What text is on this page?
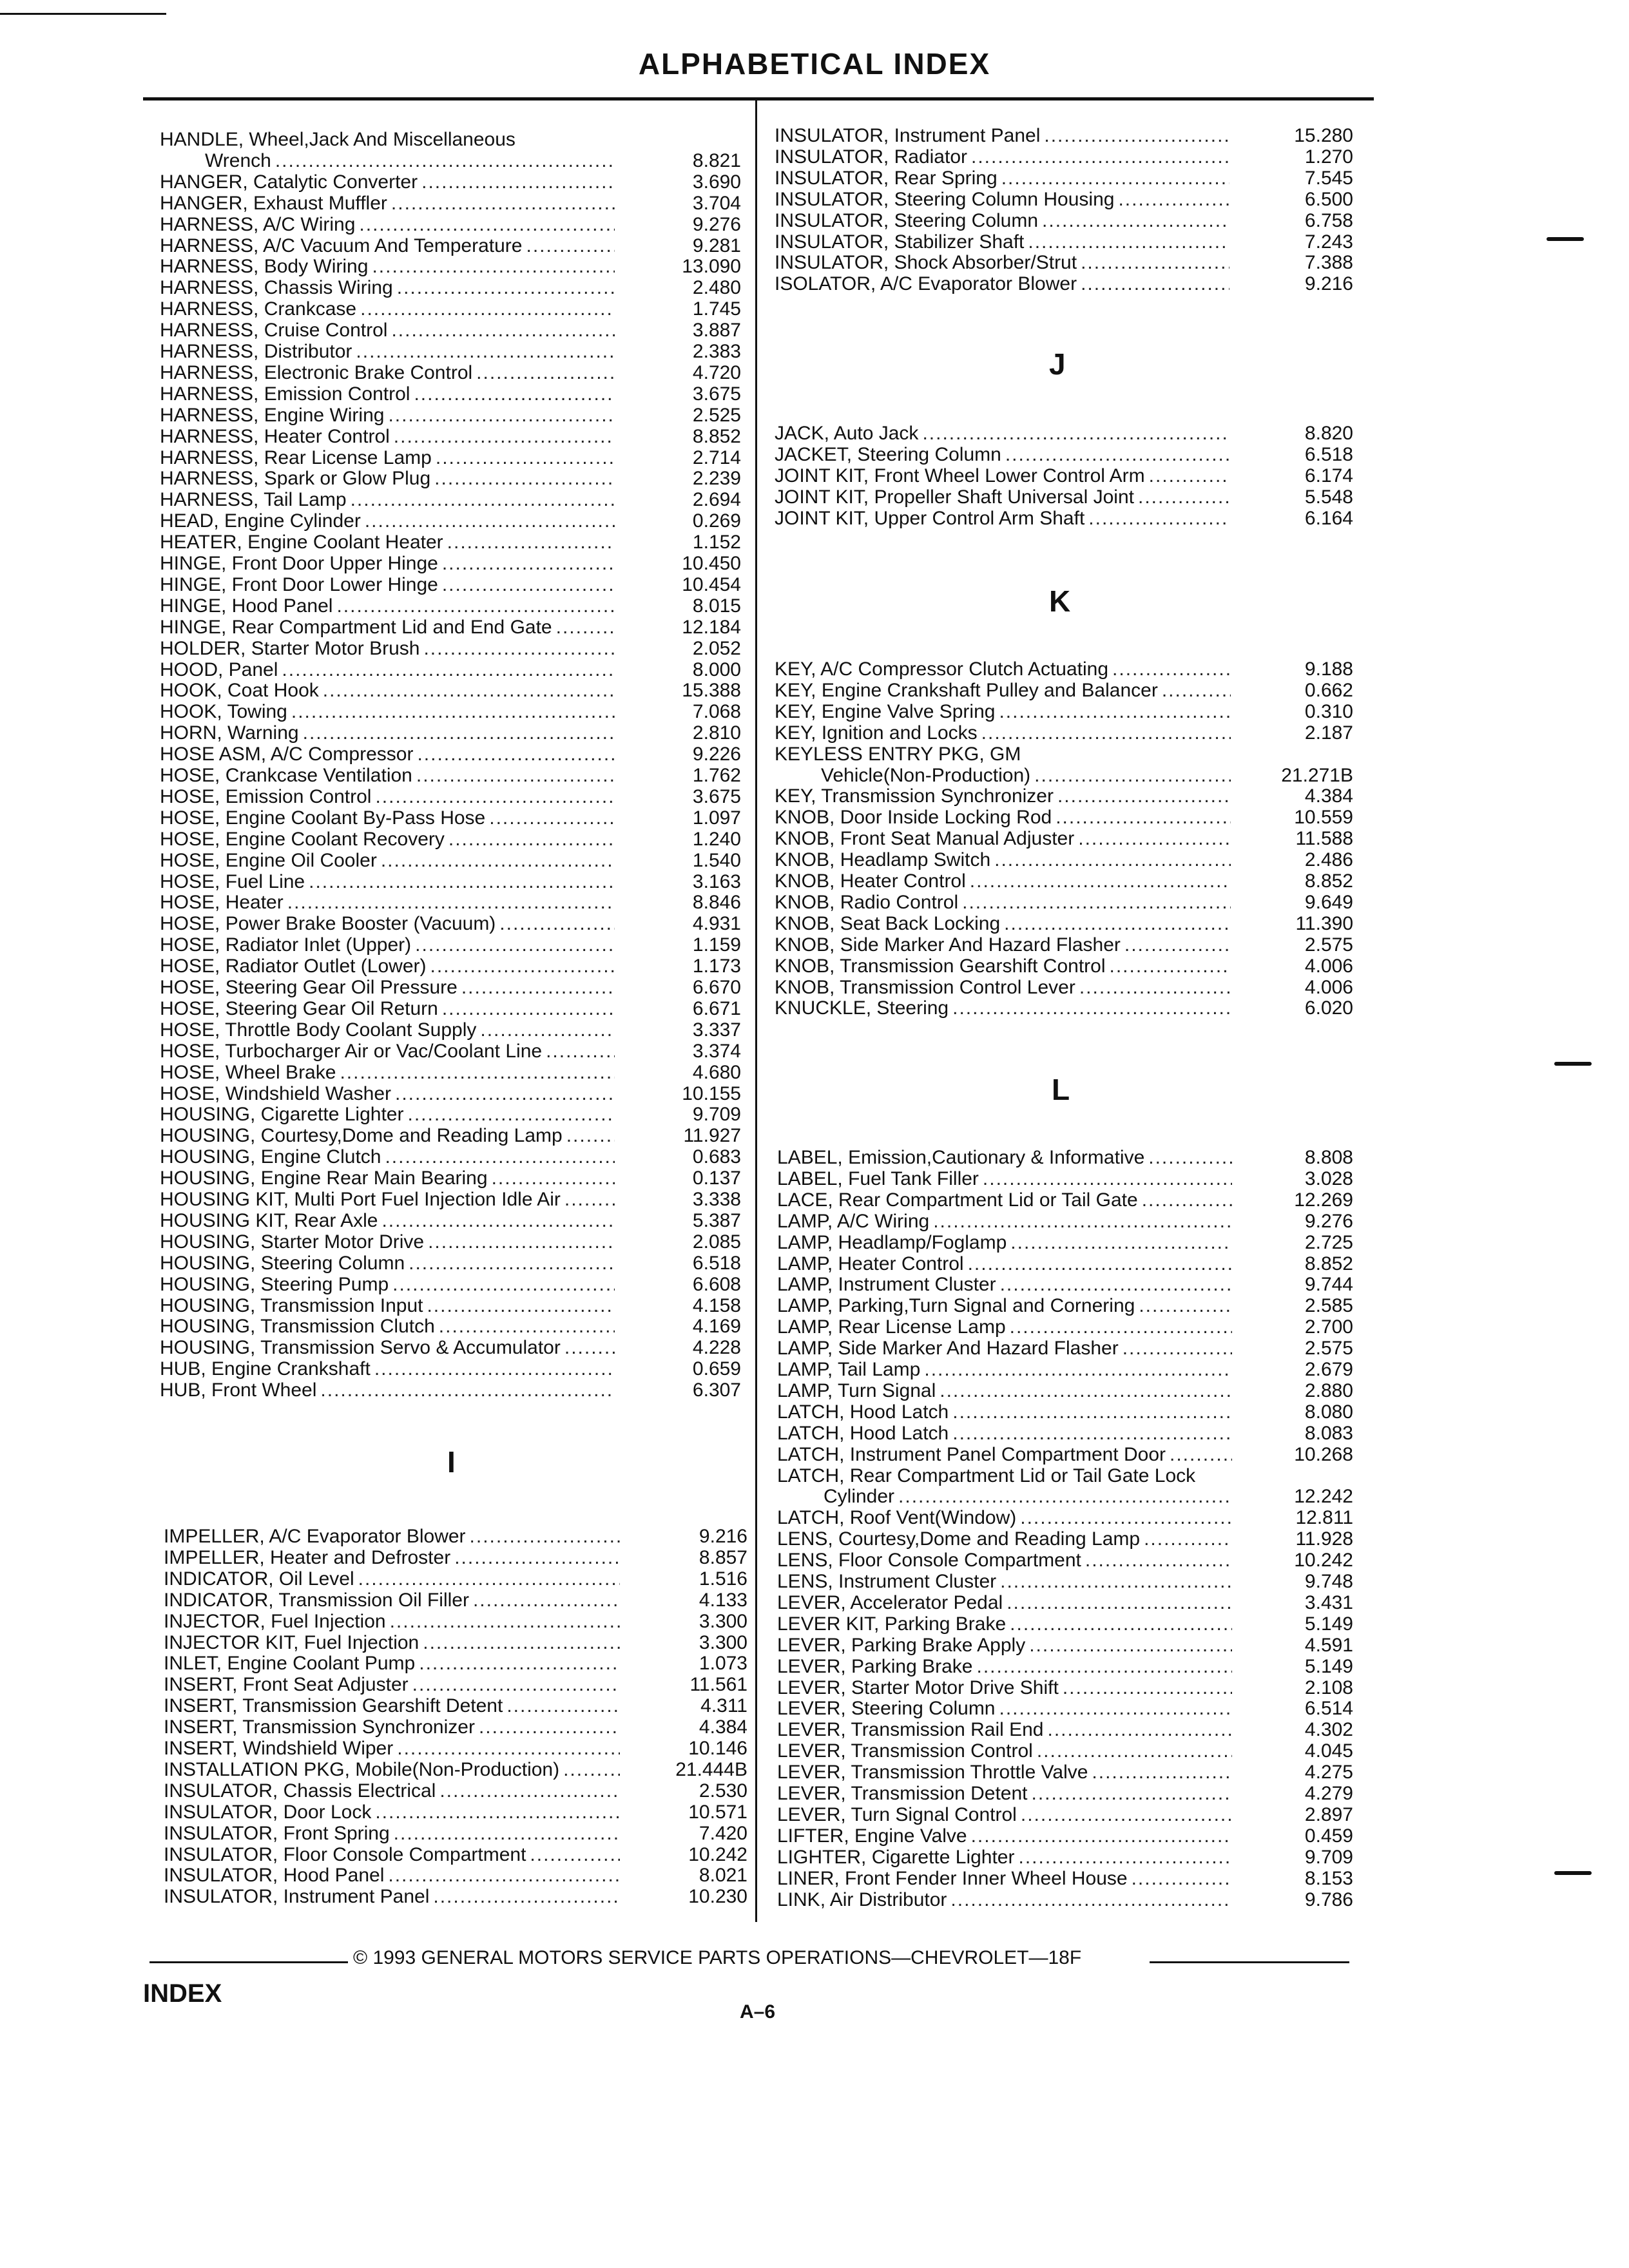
ALPHABETICAL INDEX
HANDLE, Wheel,Jack And Miscellaneous
Wrench .....	8.821
HANGER, Catalytic Converter .....	3.690
HANGER, Exhaust Muffler .....	3.704
HARNESS, A/C Wiring .....	9.276
HARNESS, A/C Vacuum And Temperature .....	9.281
HARNESS, Body Wiring .....	13.090
HARNESS, Chassis Wiring .....	2.480
HARNESS, Crankcase .....	1.745
HARNESS, Cruise Control .....	3.887
HARNESS, Distributor .....	2.383
HARNESS, Electronic Brake Control .....	4.720
HARNESS, Emission Control .....	3.675
HARNESS, Engine Wiring .....	2.525
HARNESS, Heater Control .....	8.852
HARNESS, Rear License Lamp .....	2.714
HARNESS, Spark or Glow Plug .....	2.239
HARNESS, Tail Lamp .....	2.694
HEAD, Engine Cylinder .....	0.269
HEATER, Engine Coolant Heater .....	1.152
HINGE, Front Door Upper Hinge .....	10.450
HINGE, Front Door Lower Hinge .....	10.454
HINGE, Hood Panel .....	8.015
HINGE, Rear Compartment Lid and End Gate .....	12.184
HOLDER, Starter Motor Brush .....	2.052
HOOD, Panel .....	8.000
HOOK, Coat Hook .....	15.388
HOOK, Towing .....	7.068
HORN, Warning .....	2.810
HOSE ASM, A/C Compressor .....	9.226
HOSE, Crankcase Ventilation .....	1.762
HOSE, Emission Control .....	3.675
HOSE, Engine Coolant By-Pass Hose .....	1.097
HOSE, Engine Coolant Recovery .....	1.240
HOSE, Engine Oil Cooler .....	1.540
HOSE, Fuel Line .....	3.163
HOSE, Heater .....	8.846
HOSE, Power Brake Booster (Vacuum) .....	4.931
HOSE, Radiator Inlet (Upper) .....	1.159
HOSE, Radiator Outlet (Lower) .....	1.173
HOSE, Steering Gear Oil Pressure .....	6.670
HOSE, Steering Gear Oil Return .....	6.671
HOSE, Throttle Body Coolant Supply .....	3.337
HOSE, Turbocharger Air or Vac/Coolant Line .....	3.374
HOSE, Wheel Brake .....	4.680
HOSE, Windshield Washer .....	10.155
HOUSING, Cigarette Lighter .....	9.709
HOUSING, Courtesy,Dome and Reading Lamp .....	11.927
HOUSING, Engine Clutch .....	0.683
HOUSING, Engine Rear Main Bearing .....	0.137
HOUSING KIT, Multi Port Fuel Injection Idle Air .....	3.338
HOUSING KIT, Rear Axle .....	5.387
HOUSING, Starter Motor Drive .....	2.085
HOUSING, Steering Column .....	6.518
HOUSING, Steering Pump .....	6.608
HOUSING, Transmission Input .....	4.158
HOUSING, Transmission Clutch .....	4.169
HOUSING, Transmission Servo & Accumulator .....	4.228
HUB, Engine Crankshaft .....	0.659
HUB, Front Wheel .....	6.307
IMPELLER, A/C Evaporator Blower .....	9.216
IMPELLER, Heater and Defroster .....	8.857
INDICATOR, Oil Level .....	1.516
INDICATOR, Transmission Oil Filler .....	4.133
INJECTOR, Fuel Injection .....	3.300
INJECTOR KIT, Fuel Injection .....	3.300
INLET, Engine Coolant Pump .....	1.073
INSERT, Front Seat Adjuster .....	11.561
INSERT, Transmission Gearshift Detent .....	4.311
INSERT, Transmission Synchronizer .....	4.384
INSERT, Windshield Wiper .....	10.146
INSTALLATION PKG, Mobile(Non-Production) .....	21.444B
INSULATOR, Chassis Electrical .....	2.530
INSULATOR, Door Lock .....	10.571
INSULATOR, Front Spring .....	7.420
INSULATOR, Floor Console Compartment .....	10.242
INSULATOR, Hood Panel .....	8.021
INSULATOR, Instrument Panel .....	10.230
INSULATOR, Instrument Panel .....	15.280
INSULATOR, Radiator .....	1.270
INSULATOR, Rear Spring .....	7.545
INSULATOR, Steering Column Housing .....	6.500
INSULATOR, Steering Column .....	6.758
INSULATOR, Stabilizer Shaft .....	7.243
INSULATOR, Shock Absorber/Strut .....	7.388
ISOLATOR, A/C Evaporator Blower .....	9.216
JACK, Auto Jack .....	8.820
JACKET, Steering Column .....	6.518
JOINT KIT, Front Wheel Lower Control Arm .....	6.174
JOINT KIT, Propeller Shaft Universal Joint .....	5.548
JOINT KIT, Upper Control Arm Shaft .....	6.164
KEY, A/C Compressor Clutch Actuating .....	9.188
KEY, Engine Crankshaft Pulley and Balancer .....	0.662
KEY, Engine Valve Spring .....	0.310
KEY, Ignition and Locks .....	2.187
KEYLESS ENTRY PKG, GM
Vehicle(Non-Production) .....	21.271B
KEY, Transmission Synchronizer .....	4.384
KNOB, Door Inside Locking Rod .....	10.559
KNOB, Front Seat Manual Adjuster .....	11.588
KNOB, Headlamp Switch .....	2.486
KNOB, Heater Control .....	8.852
KNOB, Radio Control .....	9.649
KNOB, Seat Back Locking .....	11.390
KNOB, Side Marker And Hazard Flasher .....	2.575
KNOB, Transmission Gearshift Control .....	4.006
KNOB, Transmission Control Lever .....	4.006
KNUCKLE, Steering .....	6.020
LABEL, Emission,Cautionary & Informative .....	8.808
LABEL, Fuel Tank Filler .....	3.028
LACE, Rear Compartment Lid or Tail Gate .....	12.269
LAMP, A/C Wiring .....	9.276
LAMP, Headlamp/Foglamp .....	2.725
LAMP, Heater Control .....	8.852
LAMP, Instrument Cluster .....	9.744
LAMP, Parking,Turn Signal and Cornering .....	2.585
LAMP, Rear License Lamp .....	2.700
LAMP, Side Marker And Hazard Flasher .....	2.575
LAMP, Tail Lamp .....	2.679
LAMP, Turn Signal .....	2.880
LATCH, Hood Latch .....	8.080
LATCH, Hood Latch .....	8.083
LATCH, Instrument Panel Compartment Door .....	10.268
LATCH, Rear Compartment Lid or Tail Gate Lock
Cylinder .....	12.242
LATCH, Roof Vent(Window) .....	12.811
LENS, Courtesy,Dome and Reading Lamp .....	11.928
LENS, Floor Console Compartment .....	10.242
LENS, Instrument Cluster .....	9.748
LEVER, Accelerator Pedal .....	3.431
LEVER KIT, Parking Brake .....	5.149
LEVER, Parking Brake Apply .....	4.591
LEVER, Parking Brake .....	5.149
LEVER, Starter Motor Drive Shift .....	2.108
LEVER, Steering Column .....	6.514
LEVER, Transmission Rail End .....	4.302
LEVER, Transmission Control .....	4.045
LEVER, Transmission Throttle Valve .....	4.275
LEVER, Transmission Detent .....	4.279
LEVER, Turn Signal Control .....	2.897
LIFTER, Engine Valve .....	0.459
LIGHTER, Cigarette Lighter .....	9.709
LINER, Front Fender Inner Wheel House .....	8.153
LINK, Air Distributor .....	9.786
I
J
K
L
© 1993 GENERAL MOTORS SERVICE PARTS OPERATIONS—CHEVROLET—18F
INDEX
A–6
